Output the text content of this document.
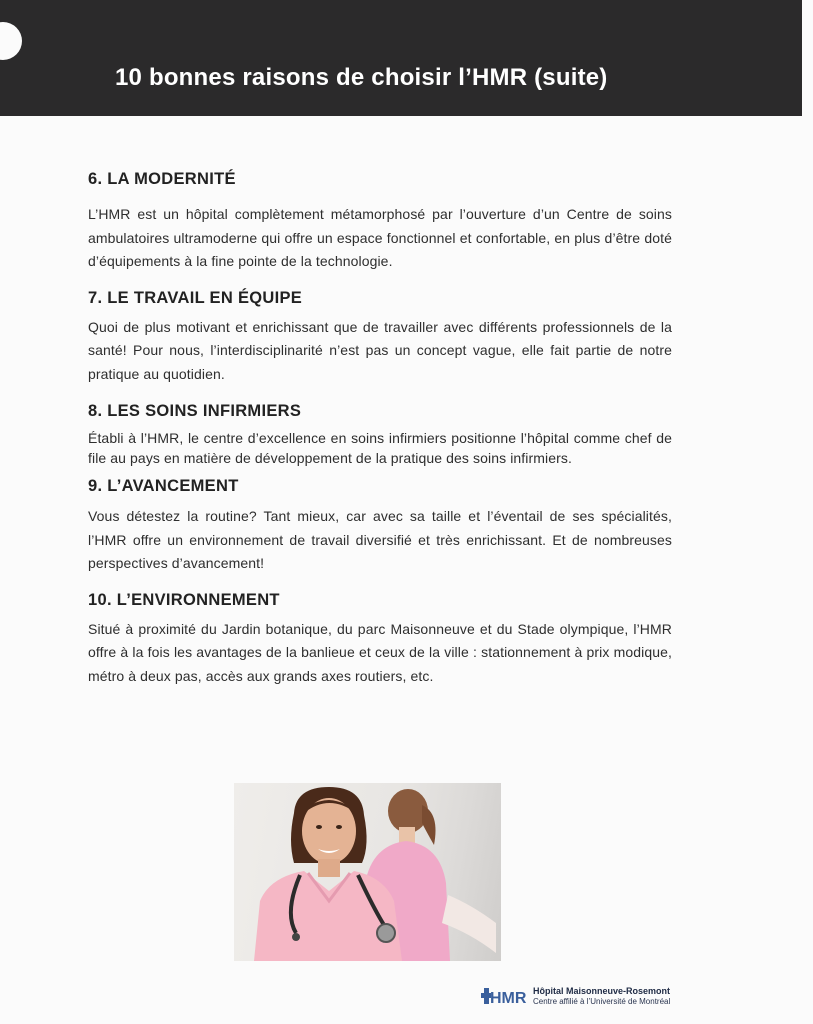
10 bonnes raisons de choisir l’HMR (suite)
6. LA MODERNITÉ

L’HMR est un hôpital complètement métamorphosé par l’ouverture d’un Centre de soins ambulatoires ultramoderne qui offre un espace fonctionnel et confortable, en plus d’être doté d’équipements à la fine pointe de la technologie.

7. LE TRAVAIL EN ÉQUIPE

Quoi de plus motivant et enrichissant que de travailler avec différents professionnels de la santé! Pour nous, l’interdisciplinarité n’est pas un concept vague, elle fait partie de notre pratique au quotidien.

8. LES SOINS INFIRMIERS

Établi à l’HMR, le centre d’excellence en soins infirmiers positionne l’hôpital comme chef de file au pays en matière de développement de la pratique des soins infirmiers.

9. L’AVANCEMENT

Vous détestez la routine? Tant mieux, car avec sa taille et l’éventail de ses spécialités, l’HMR offre un environnement de travail diversifié et très enrichissant. Et de nombreuses perspectives d’avancement!

10. L’ENVIRONNEMENT

Situé à proximité du Jardin botanique, du parc Maisonneuve et du Stade olympique, l’HMR offre à la fois les avantages de la banlieue et ceux de la ville : stationnement à prix modique, métro à deux pas, accès aux grands axes routiers, etc.

HMR Hôpital Maisonneuve-Rosemont
Centre affilié à l’Université de Montréal
